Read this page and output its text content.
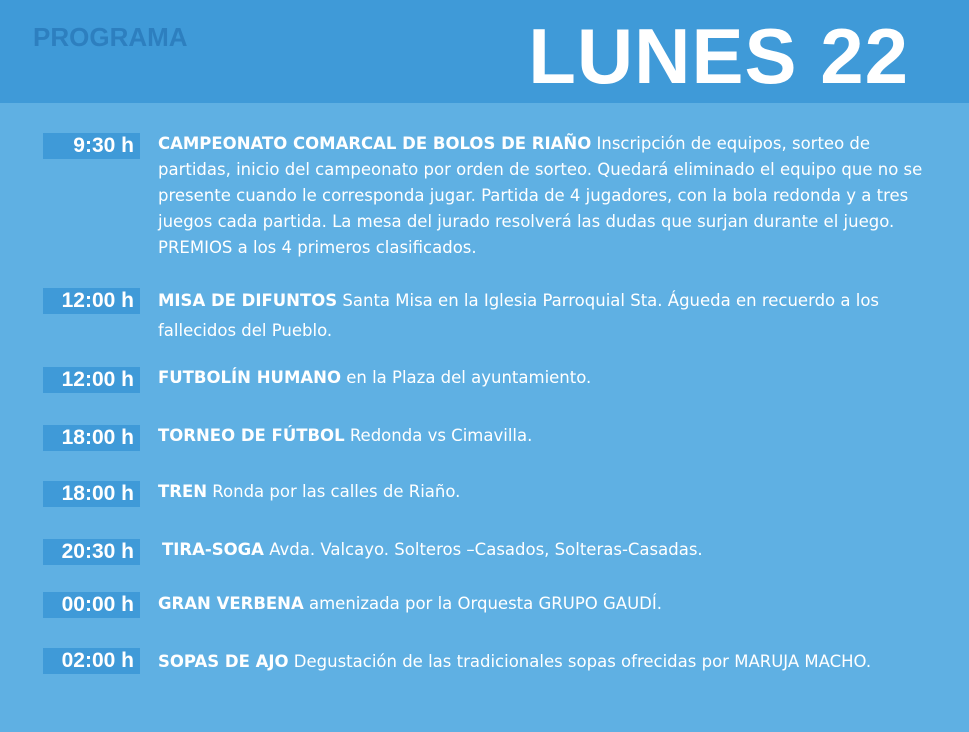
PROGRAMA	LUNES 22
9:30 h	CAMPEONATO COMARCAL DE BOLOS DE RIAÑO Inscripción de equipos, sorteo de partidas, inicio del campeonato por orden de sorteo. Quedará eliminado el equipo que no se presente cuando le corresponda jugar. Partida de 4 jugadores, con la bola redonda y a tres juegos cada partida. La mesa del jurado resolverá las dudas que surjan durante el juego. PREMIOS a los 4 primeros clasificados.
12:00 h	MISA DE DIFUNTOS Santa Misa en la Iglesia Parroquial Sta. Águeda en recuerdo a los fallecidos del Pueblo.
12:00 h	FUTBOLÍN HUMANO en la Plaza del ayuntamiento.
18:00 h	TORNEO DE FÚTBOL Redonda vs Cimavilla.
18:00 h	TREN Ronda por las calles de Riaño.
20:30 h	TIRA-SOGA Avda. Valcayo. Solteros –Casados, Solteras-Casadas.
00:00 h	GRAN VERBENA amenizada por la Orquesta GRUPO GAUDÍ.
02:00 h	SOPAS DE AJO Degustación de las tradicionales sopas ofrecidas por MARUJA MACHO.
